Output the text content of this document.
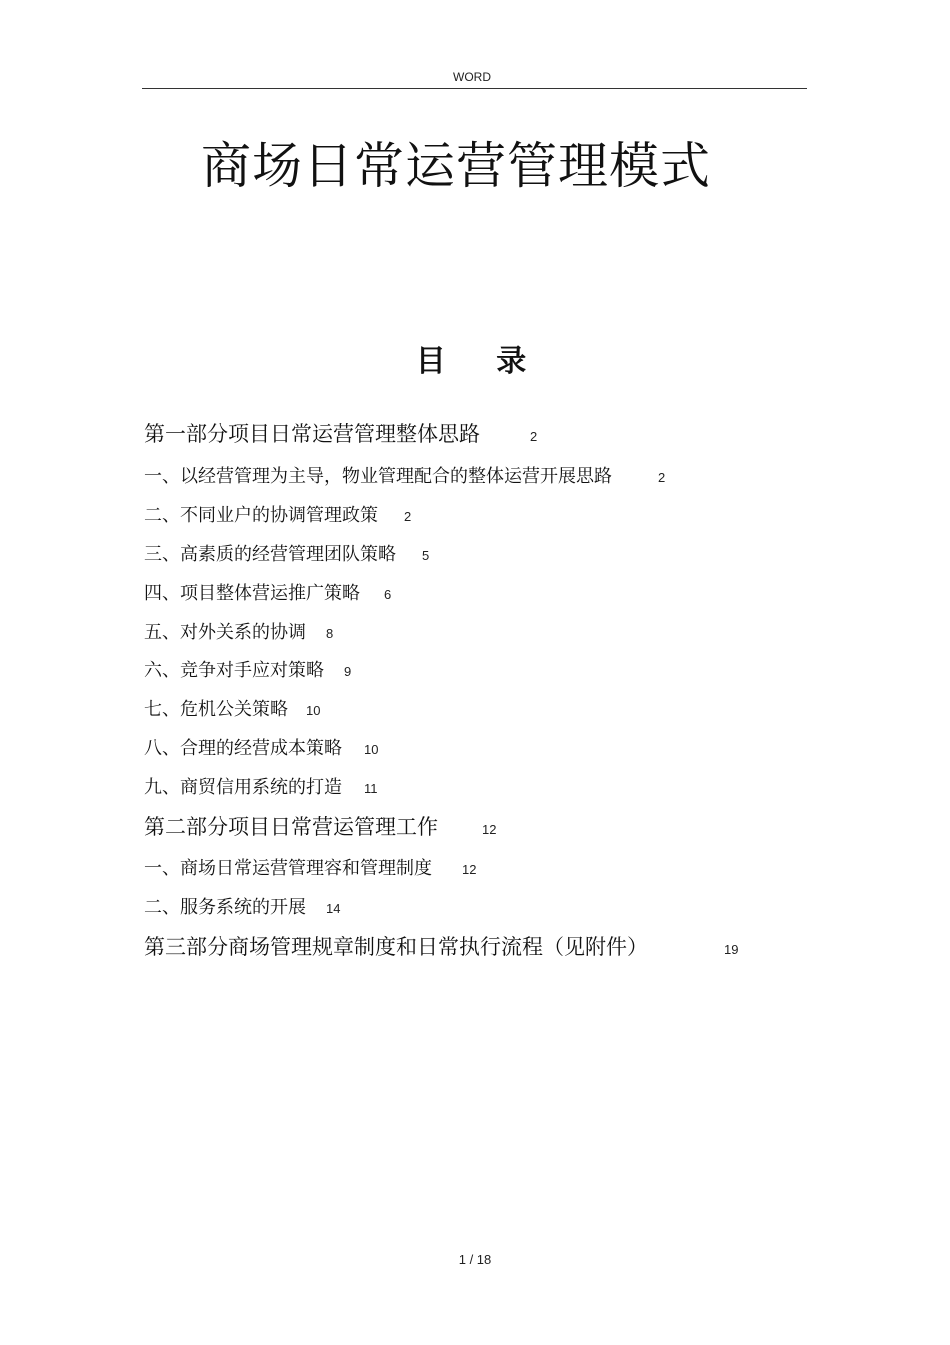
WORD
商场日常运营管理模式
目 录
第一部分项目日常运营管理整体思路	2
一、以经营管理为主导，物业管理配合的整体运营开展思路	2
二、不同业户的协调管理政策 2
三、高素质的经营管理团队策略 5
四、项目整体营运推广策略 6
五、对外关系的协调 8
六、竞争对手应对策略 9
七、危机公关策略 10
八、合理的经营成本策略 10
九、商贸信用系统的打造 11
第二部分项目日常营运管理工作	12
一、商场日常运营管理容和管理制度 12
二、服务系统的开展 14
第三部分商场管理规章制度和日常执行流程（见附件）	19
1 / 18
